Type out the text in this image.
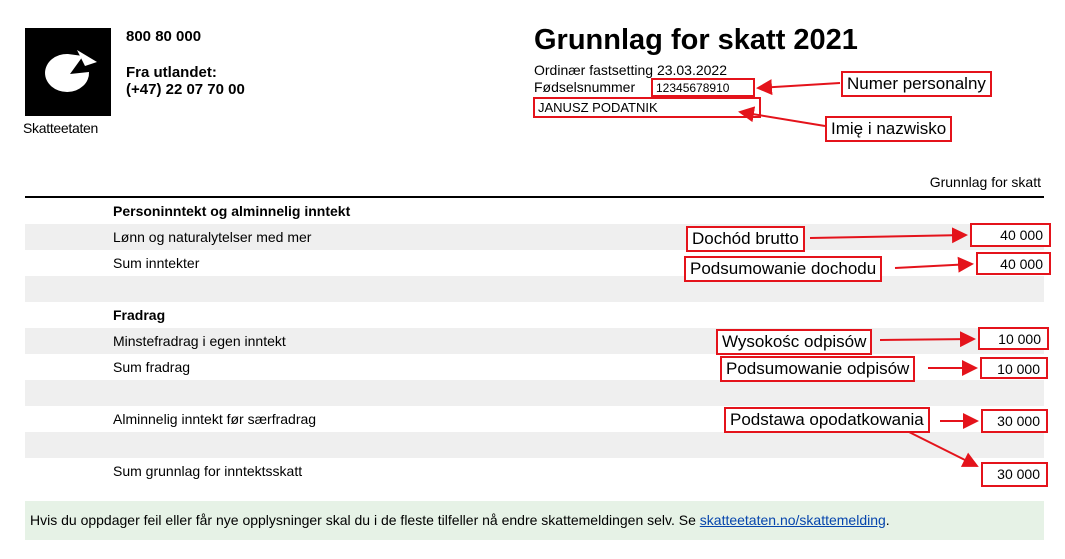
Skatteetaten
800 80 000
Fra utlandet:
(+47) 22 07 70 00
Grunnlag for skatt 2021
Ordinær fastsetting 23.03.2022
Fødselsnummer	12345678910
JANUSZ PODATNIK
Grunnlag for skatt
Personinntekt og alminnelig inntekt
Lønn og naturalytelser med mer
Sum inntekter
Fradrag
Minstefradrag i egen inntekt
Sum fradrag
Alminnelig inntekt før særfradrag
Sum grunnlag for inntektsskatt
40 000
40 000
10 000
10 000
30 000
30 000
Numer personalny
Imię i nazwisko
Dochód brutto
Podsumowanie dochodu
Wysokośc odpisów
Podsumowanie odpisów
Podstawa opodatkowania
Hvis du oppdager feil eller får nye opplysninger skal du i de fleste tilfeller nå endre skattemeldingen selv. Se skatteetaten.no/skattemelding.
